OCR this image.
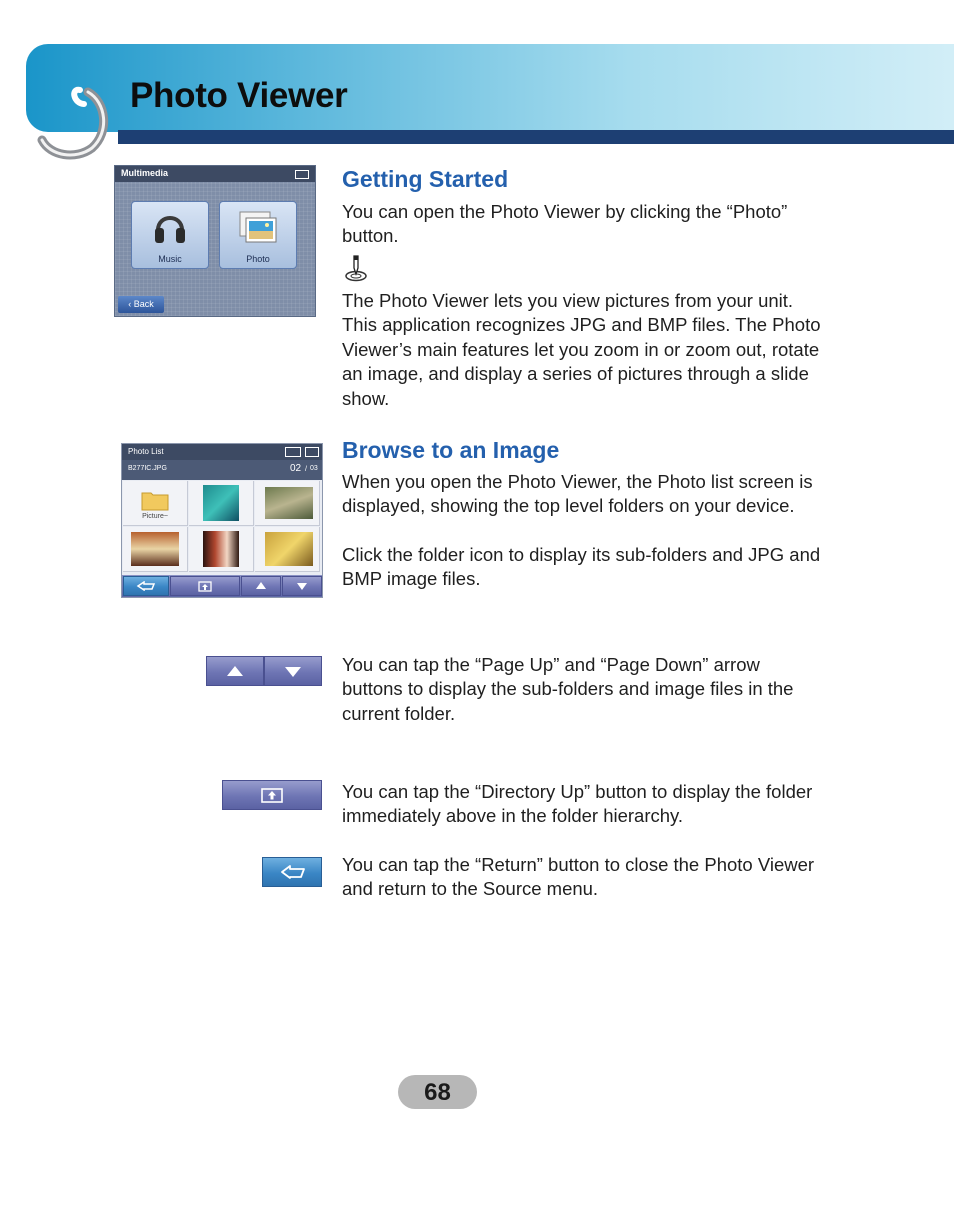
Photo Viewer
Multimedia
Music	Photo
‹ Back
Getting Started
You can open the Photo Viewer by clicking the “Photo” button.
The Photo Viewer lets you view pictures from your unit. This application recognizes JPG and BMP files. The Photo Viewer’s main features let you zoom in or zoom out, rotate an image, and display a series of pictures through a slide show.
Photo List
B277IC.JPG	02 / 03
Picture~
Browse to an Image
When you open the Photo Viewer, the Photo list screen is displayed, showing the top level folders on your device.
Click the folder icon to display its sub-folders and JPG and BMP image files.
You can tap the “Page Up” and “Page Down” arrow buttons to display the sub-folders and image files in the current folder.
You can tap the “Directory Up” button to display the folder immediately above in the folder hierarchy.
You can tap the “Return” button to close the Photo Viewer and return to the Source menu.
68
